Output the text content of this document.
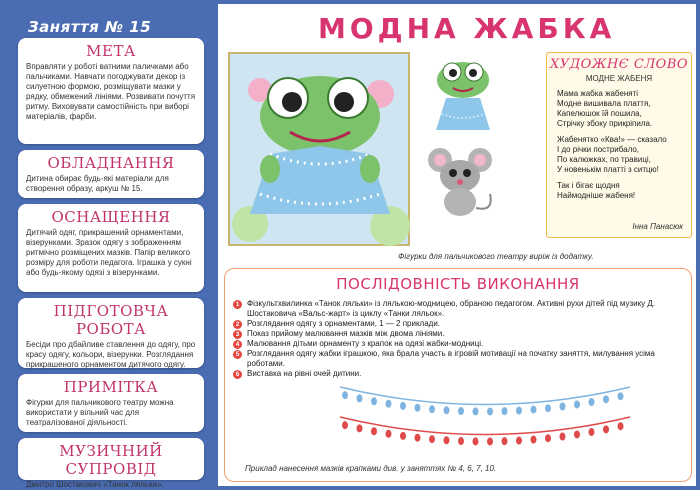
Заняття № 15
МЕТА

Вправляти у роботі ватними паличками або пальчиками. Навчати погоджувати декор із силуетною формою, розміщувати мазки у рядку, обмежений лініями. Розвивати почуття ритму. Виховувати самостійність при виборі матеріалів, фарби.

ОБЛАДНАННЯ

Дитина обирає будь-які матеріали для створення образу, аркуш № 15.

ОСНАЩЕННЯ

Дитячий одяг, прикрашений орнаментами, візерунками. Зразок одягу з зображенням ритмічно розміщених мазків. Папір великого розміру для роботи педагога. Іграшка у сукні або будь-якому одязі з візерунками.

ПІДГОТОВЧА РОБОТА

Бесіди про дбайливе ставлення до одягу, про красу одягу, кольори, візерунки. Розглядання прикрашеного орнаментом дитячого одягу.

ПРИМІТКА

Фігурки для пальчикового театру можна використати у вільний час для театралізованої діяльності.

МУЗИЧНИЙ СУПРОВІД

Дмитро Шостакович «Танок ляльки».

МОДНА ЖАБКА
Фігурки для пальчикового театру виріж із додатку.
ХУДОЖНЄ СЛОВО
МОДНЕ ЖАБЕНЯ
Мама жабка жабеняті
Модне вишивала плаття,
Капелюшок їй пошила,
Стрічку збоку прикріпила.
Жабенятко «Ква!» — сказало
І до річки пострибало,
По калюжках, по травиці,
У новенькім платті з ситцю!
Так і бігає щодня
Наймодніше жабеня!
Інна Панасюк
ПОСЛІДОВНІСТЬ ВИКОНАННЯ
1 Фізкультхвилинка «Танок ляльки» із лялькою-модницею, обраною педагогом. Активні рухи дітей під музику Д. Шостаковича «Вальс-жарт» із циклу «Танки ляльок».
2 Розглядання одягу з орнаментами, 1 — 2 приклади.
3 Показ прийому малювання мазків між двома лініями.
4 Малювання дітьми орнаменту з крапок на одязі жабки-модниці.
5 Розглядання одягу жабки іграшкою, яка брала участь в ігровій мотивації на початку заняття, милування усіма роботами.
6 Виставка на рівні очей дитини.
Приклад нанесення мазків крапками див. у заняттях № 4, 6, 7, 10.
